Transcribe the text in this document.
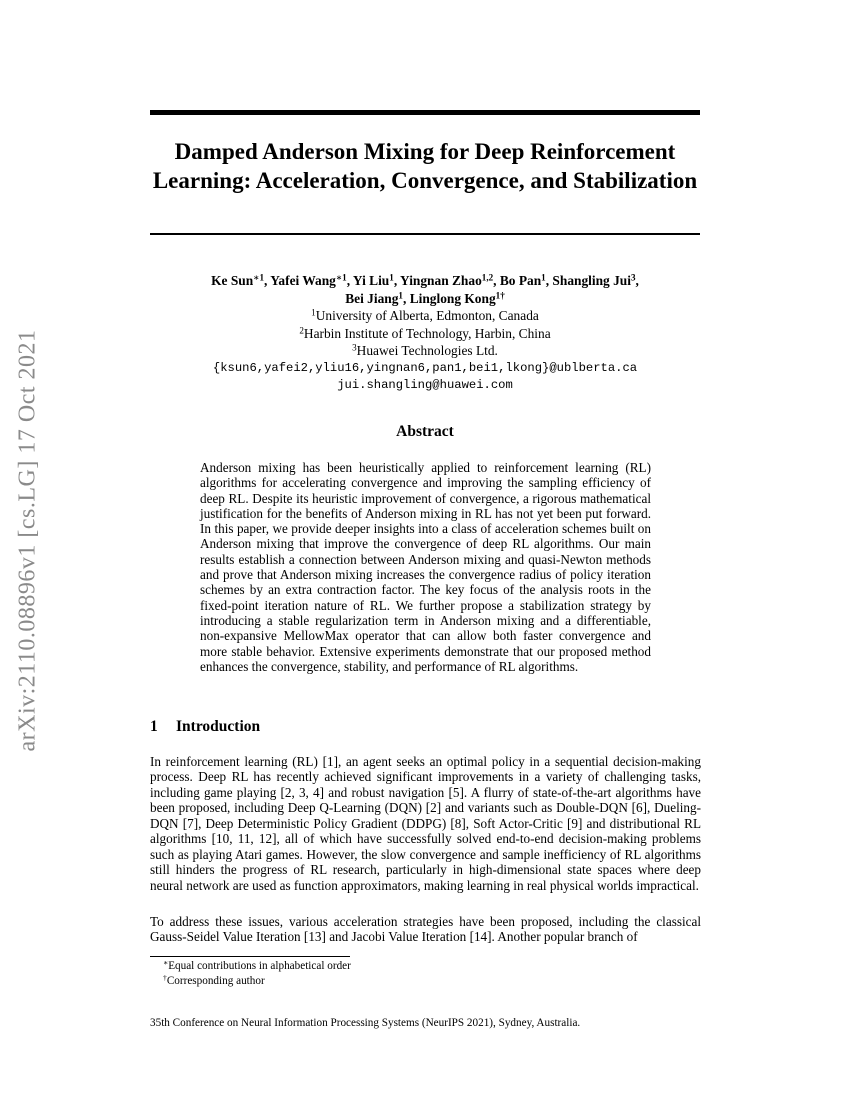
arXiv:2110.08896v1 [cs.LG] 17 Oct 2021
Damped Anderson Mixing for Deep Reinforcement Learning: Acceleration, Convergence, and Stabilization
Ke Sun$^{∗1}$, Yafei Wang$^{∗1}$, Yi Liu$^1$, Yingnan Zhao$^{1,2}$, Bo Pan$^1$, Shangling Jui$^3$,
Bei Jiang$^1$, Linglong Kong$^{1\dagger}$
$^1$University of Alberta, Edmonton, Canada
$^2$Harbin Institute of Technology, Harbin, China
$^3$Huawei Technologies Ltd.
{ksun6,yafei2,yliu16,yingnan6,pan1,bei1,lkong}@ublberta.ca
jui.shangling@huawei.com
Abstract
Anderson mixing has been heuristically applied to reinforcement learning (RL) algorithms for accelerating convergence and improving the sampling efficiency of deep RL. Despite its heuristic improvement of convergence, a rigorous mathematical justification for the benefits of Anderson mixing in RL has not yet been put forward. In this paper, we provide deeper insights into a class of acceleration schemes built on Anderson mixing that improve the convergence of deep RL algorithms. Our main results establish a connection between Anderson mixing and quasi-Newton methods and prove that Anderson mixing increases the convergence radius of policy iteration schemes by an extra contraction factor. The key focus of the analysis roots in the fixed-point iteration nature of RL. We further propose a stabilization strategy by introducing a stable regularization term in Anderson mixing and a differentiable, non-expansive MellowMax operator that can allow both faster convergence and more stable behavior. Extensive experiments demonstrate that our proposed method enhances the convergence, stability, and performance of RL algorithms.
1 Introduction
In reinforcement learning (RL) [1], an agent seeks an optimal policy in a sequential decision-making process. Deep RL has recently achieved significant improvements in a variety of challenging tasks, including game playing [2, 3, 4] and robust navigation [5]. A flurry of state-of-the-art algorithms have been proposed, including Deep Q-Learning (DQN) [2] and variants such as Double-DQN [6], Dueling-DQN [7], Deep Deterministic Policy Gradient (DDPG) [8], Soft Actor-Critic [9] and distributional RL algorithms [10, 11, 12], all of which have successfully solved end-to-end decision-making problems such as playing Atari games. However, the slow convergence and sample inefficiency of RL algorithms still hinders the progress of RL research, particularly in high-dimensional state spaces where deep neural network are used as function approximators, making learning in real physical worlds impractical.
To address these issues, various acceleration strategies have been proposed, including the classical Gauss-Seidel Value Iteration [13] and Jacobi Value Iteration [14]. Another popular branch of
∗Equal contributions in alphabetical order
†Corresponding author
35th Conference on Neural Information Processing Systems (NeurIPS 2021), Sydney, Australia.
